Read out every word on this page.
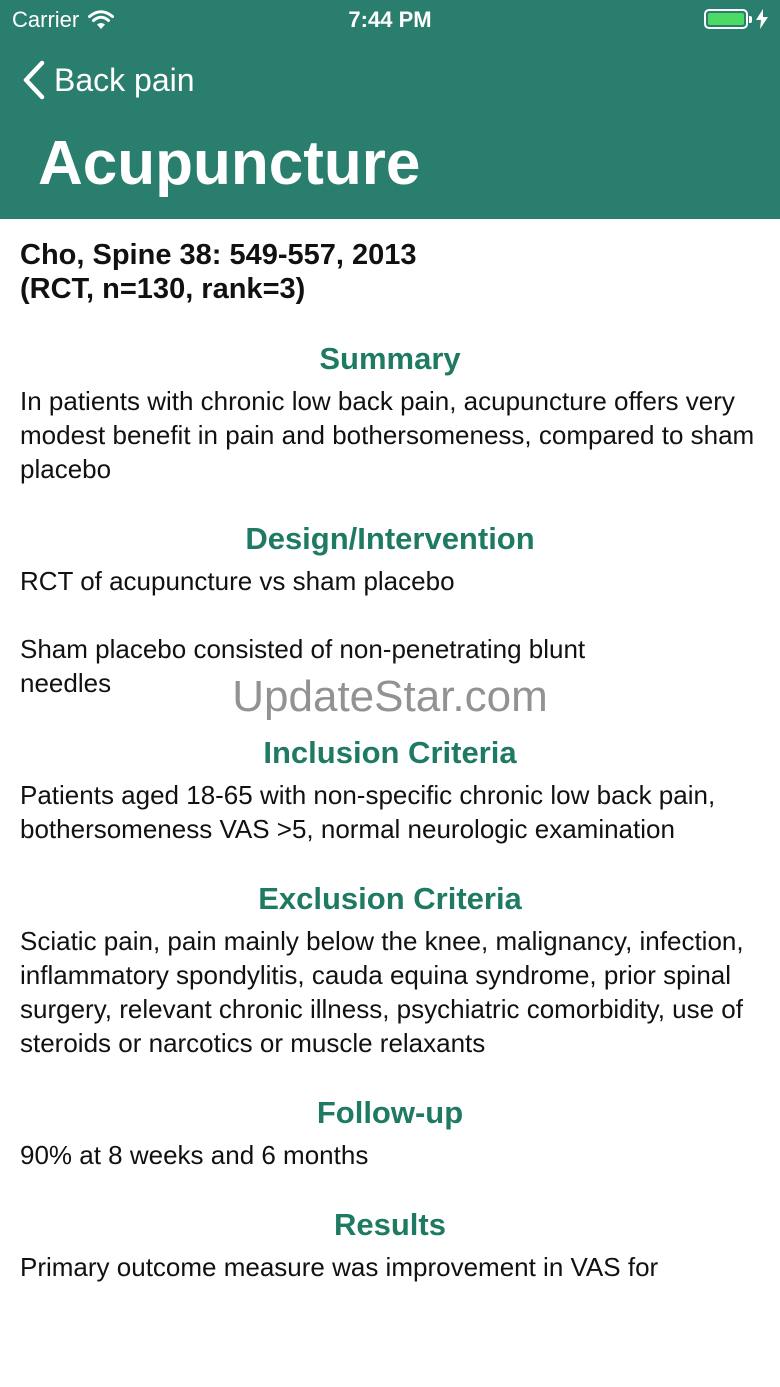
Carrier	7:44 PM
Back pain
Acupuncture
Cho, Spine 38: 549-557, 2013
(RCT, n=130, rank=3)
Summary
In patients with chronic low back pain, acupuncture offers very modest benefit in pain and bothersomeness, compared to sham placebo
Design/Intervention
RCT of acupuncture vs sham placebo
Sham placebo consisted of non-penetrating blunt needles
Inclusion Criteria
Patients aged 18-65 with non-specific chronic low back pain, bothersomeness VAS >5, normal neurologic examination
Exclusion Criteria
Sciatic pain, pain mainly below the knee, malignancy, infection, inflammatory spondylitis, cauda equina syndrome, prior spinal surgery, relevant chronic illness, psychiatric comorbidity, use of steroids or narcotics or muscle relaxants
Follow-up
90% at 8 weeks and 6 months
Results
Primary outcome measure was improvement in VAS for
UpdateStar.com
